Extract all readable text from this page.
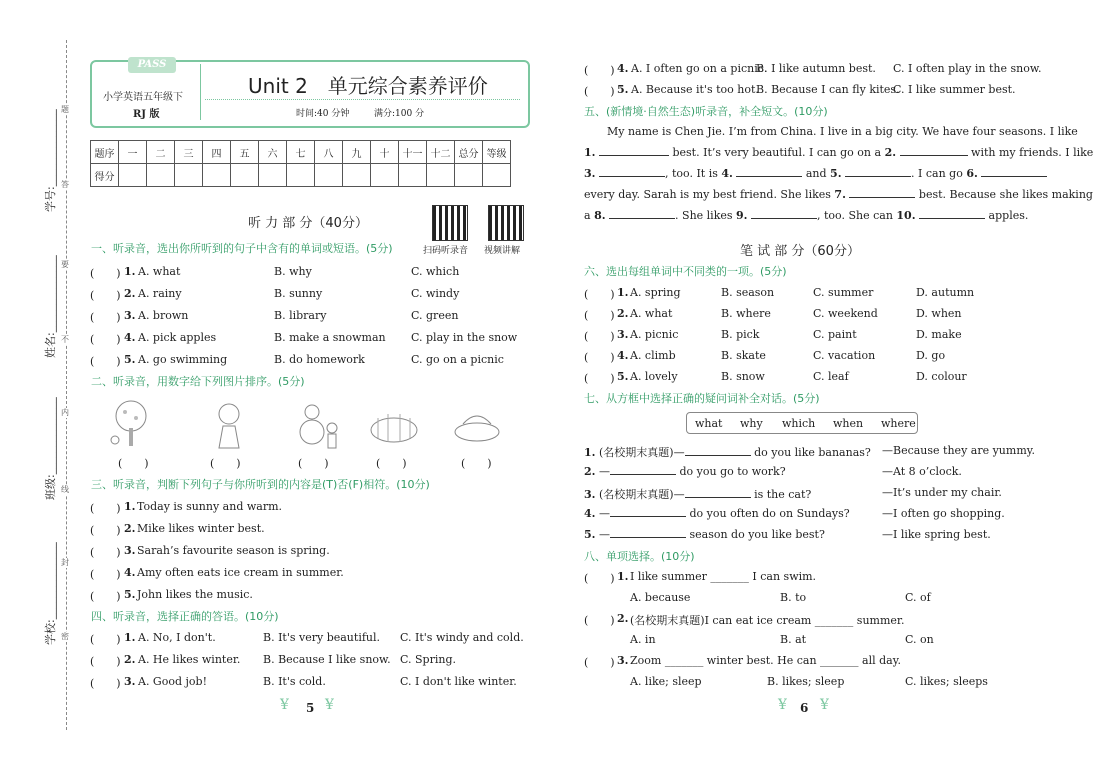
题
答
要
不
内
线
封
密
学号:______________
姓名:______________
班级:______________
学校:______________
PASS
小学英语五年级下
RJ 版
Unit 2　单元综合素养评价
时间:40 分钟	满分:100 分
题序	一	二	三	四	五	六	七	八	九	十	十一	十二	总分	等级
得分														
听 力 部 分（40分）
扫码听录音 视频讲解
一、听录音，选出你所听到的句子中含有的单词或短语。(5分)
(　　) 1. A. what	B. why	C. which
(　　) 2. A. rainy	B. sunny	C. windy
(　　) 3. A. brown	B. library	C. green
(　　) 4. A. pick apples	B. make a snowman C. play in the snow
(　　) 5. A. go swimming	B. do homework	C. go on a picnic
二、听录音，用数字给下列图片排序。(5分)
(　　)	(　　)	(　　)	(　　)	(　　)
三、听录音，判断下列句子与你所听到的内容是(T)否(F)相符。(10分)
(　　) 1. Today is sunny and warm.
(　　) 2. Mike likes winter best.
(　　) 3. Sarah’s favourite season is spring.
(　　) 4. Amy often eats ice cream in summer.
(　　) 5. John likes the music.
四、听录音，选择正确的答语。(10分)
(　　) 1. A. No, I don't.	B. It's very beautiful. C. It's windy and cold.
(　　) 2. A. He likes winter. B. Because I like snow. C. Spring.
(　　) 3. A. Good job!	B. It's cold.	C. I don't like winter.
¥ 5 ¥
(　　) 4. A. I often go on a picnic.
B. I like autumn best. C. I often play in the snow.
(　　) 5. A. Because it's too hot.
B. Because I can fly kites.
C. I like summer best.
五、(新情境·自然生态)听录音，补全短文。(10分)
My name is Chen Jie. I’m from China. I live in a big city. We have four seasons. I like
1.	best. It’s very beautiful. I can go on a 2.	with my friends. I like
3.	, too. It is 4.	and 5.	. I can go 6.
every day. Sarah is my best friend. She likes 7.	best. Because she likes making
a 8.	. She likes 9.	, too. She can 10.	apples.
笔 试 部 分（60分）
六、选出每组单词中不同类的一项。(5分)
(　　) 1. A. spring	B. season	C. summer	D. autumn
(　　) 2. A. what	B. where	C. weekend	D. when
(　　) 3. A. picnic	B. pick	C. paint	D. make
(　　) 4. A. climb	B. skate	C. vacation	D. go
(　　) 5. A. lovely	B. snow	C. leaf	D. colour
七、从方框中选择正确的疑问词补全对话。(5分)
what why which when where
1. (名校期末真题)—	do you like bananas? —Because they are yummy.
2. —	do you go to work?	—At 8 o’clock.
3. (名校期末真题)—	is the cat?	—It’s under my chair.
4. —	do you often do on Sundays?	—I often go shopping.
5. —	season do you like best?	—I like spring best.
八、单项选择。(10分)
(　　) 1. I like summer _______ I can swim.
A. because	B. to	C. of
(　　) 2. (名校期末真题)I can eat ice cream _______ summer.
A. in	B. at	C. on
(　　) 3. Zoom _______ winter best. He can _______ all day.
A. like; sleep	B. likes; sleep	C. likes; sleeps
¥ 6 ¥
